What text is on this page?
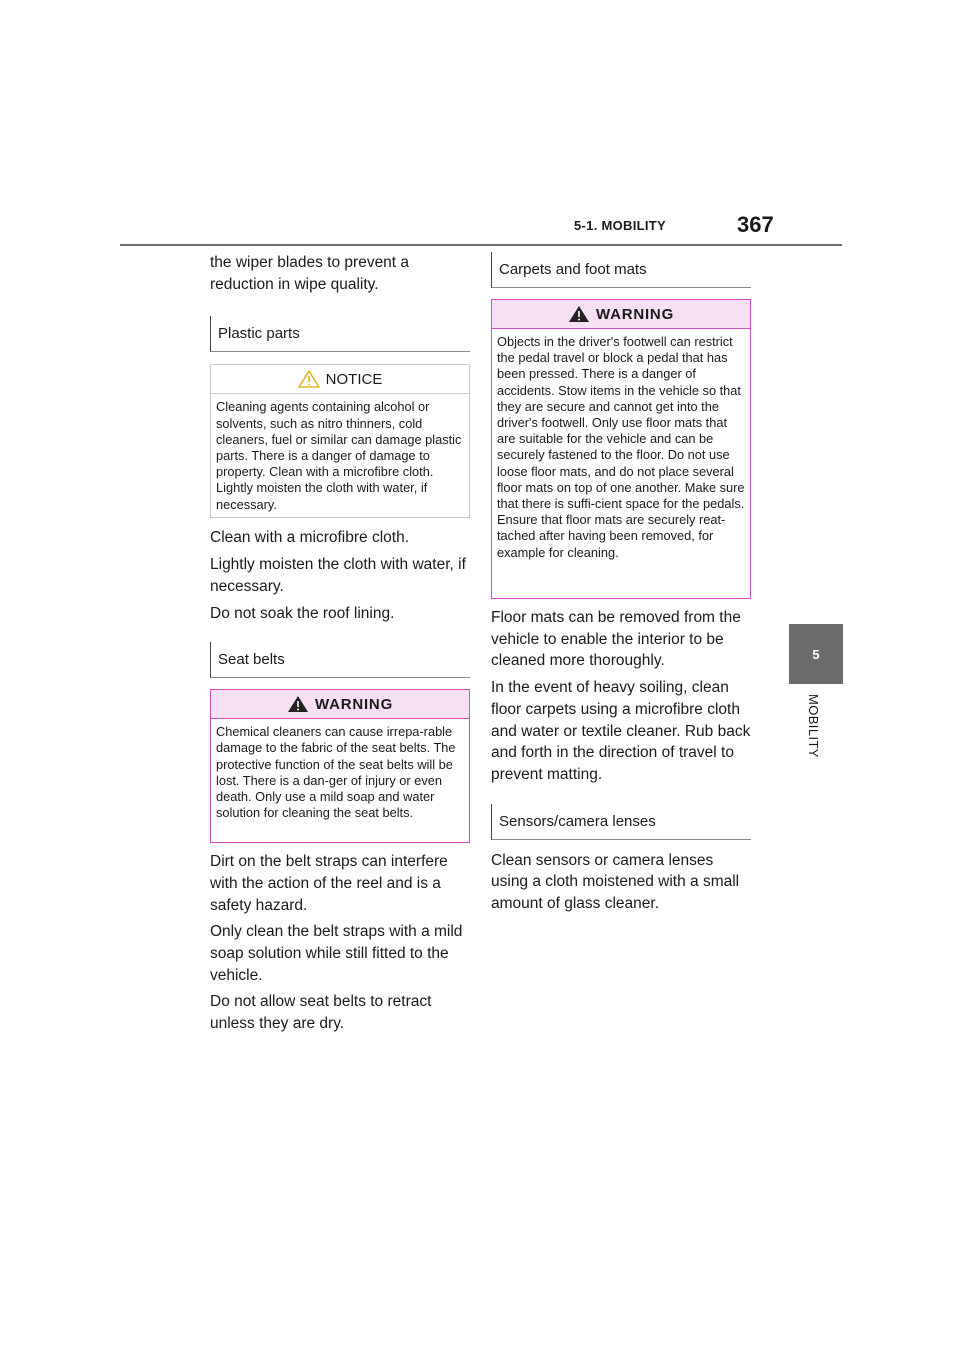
5-1. MOBILITY	367
5
MOBILITY

the wiper blades to prevent a reduction in wipe quality.

Plastic parts
NOTICE

Cleaning agents containing alcohol or solvents, such as nitro thinners, cold cleaners, fuel or similar can damage plastic parts. There is a danger of damage to property. Clean with a microfibre cloth. Lightly moisten the cloth with water, if necessary.

Clean with a microfibre cloth.

Lightly moisten the cloth with water, if necessary.

Do not soak the roof lining.

Seat belts
WARNING

Chemical cleaners can cause irrepa-rable damage to the fabric of the seat belts. The protective function of the seat belts will be lost. There is a dan-ger of injury or even death. Only use a mild soap and water solution for cleaning the seat belts.

Dirt on the belt straps can interfere with the action of the reel and is a safety hazard.

Only clean the belt straps with a mild soap solution while still fitted to the vehicle.

Do not allow seat belts to retract unless they are dry.

Carpets and foot mats
WARNING

Objects in the driver's footwell can restrict the pedal travel or block a pedal that has been pressed. There is a danger of accidents. Stow items in the vehicle so that they are secure and cannot get into the driver's footwell. Only use floor mats that are suitable for the vehicle and can be securely fastened to the floor. Do not use loose floor mats, and do not place several floor mats on top of one another. Make sure that there is suffi-cient space for the pedals. Ensure that floor mats are securely reat-tached after having been removed, for example for cleaning.

Floor mats can be removed from the vehicle to enable the interior to be cleaned more thoroughly.

In the event of heavy soiling, clean floor carpets using a microfibre cloth and water or textile cleaner. Rub back and forth in the direction of travel to prevent matting.

Sensors/camera lenses

Clean sensors or camera lenses using a cloth moistened with a small amount of glass cleaner.
